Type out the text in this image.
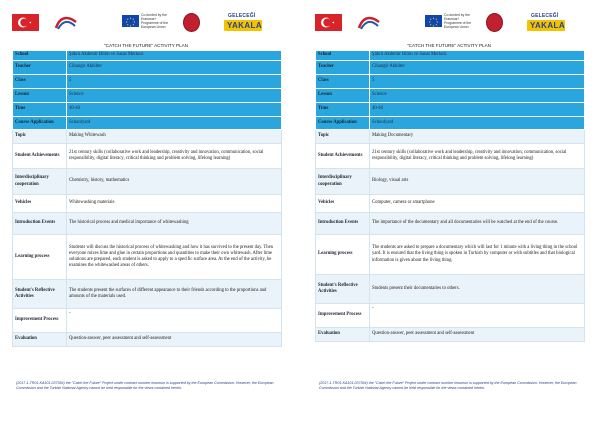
Co-funded by the Erasmus+ Programme of the European Union
GELECEĞİ
YAKALA
"CATCH THE FUTURE" ACTIVITY PLAN
School	Şükrü Akdemir Bilim ve Sanat Merkezi
Teacher	Cihangir Akbilter
Class	5
Lesson	Science
Time	40-40
Course Application	Schoolyard
Topic	Making Whitewash
Student Achievements	21st century skills (collaborative work and leadership, creativity and innovation, communication, social responsibility, digital literacy, critical thinking and problem solving, lifelong learning)
Interdisciplinary cooperation	Chemistry, history, mathematics
Vehicles	Whitewashing materials
Introduction Events	The historical process and medical importance of whitewashing
Learning process	Students will discuss the historical process of whitewashing and how it has survived to the present day. Then everyone mixes lime and glue in certain proportions and quantities to make their own whitewash. After lime solutions are prepared, each student is asked to apply to a specific surface area. At the end of the activity, he examines the whitewashed areas of others.
Student's Reflective Activities	The students present the surfaces of different appearance to their friends according to the proportions and amounts of the materials used.
Improvement Process	-
Evaluation	Question-answer, peer assessment and self-assessment
(2017-1-TR01-KA101-037364) the "Catch the Future" Project under contract number inoumun is supported by the European Commission. However, the European Commission and the Turkish National Agency cannot be held responsible for the views contained herein.
Co-funded by the Erasmus+ Programme of the European Union
GELECEĞİ
YAKALA
"CATCH THE FUTURE" ACTIVITY PLAN
School	Şükrü Akdemir Bilim ve Sanat Merkezi
Teacher	Cihangir Akbilter
Class	5
Lesson	Science
Time	40-40
Course Application	Schoolyard
Topic	Making Documentary
Student Achievements	21st century skills (collaborative work and leadership, creativity and innovation, communication, social responsibility, digital literacy, critical thinking and problem solving, lifelong learning)
Interdisciplinary cooperation	Biology, visual arts
Vehicles	Computer, camera or smartphone
Introduction Events	The importance of the documentary and all documentaries will be watched at the end of the course.
Learning process	The students are asked to prepare a documentary which will last for 1 minute with a living thing in the school yard. It is ensured that the living thing is spoken in Turkish by computer or with subtitles and that biological information is given about the living thing.
Student's Reflective Activities	Students present their documentaries to others.
Improvement Process	-
Evaluation	Question-answer, peer assessment and self-assessment
(2017-1-TR01-KA101-037364) the "Catch the Future" Project under contract number inoumun is supported by the European Commission. However, the European Commission and the Turkish National Agency cannot be held responsible for the views contained herein.
